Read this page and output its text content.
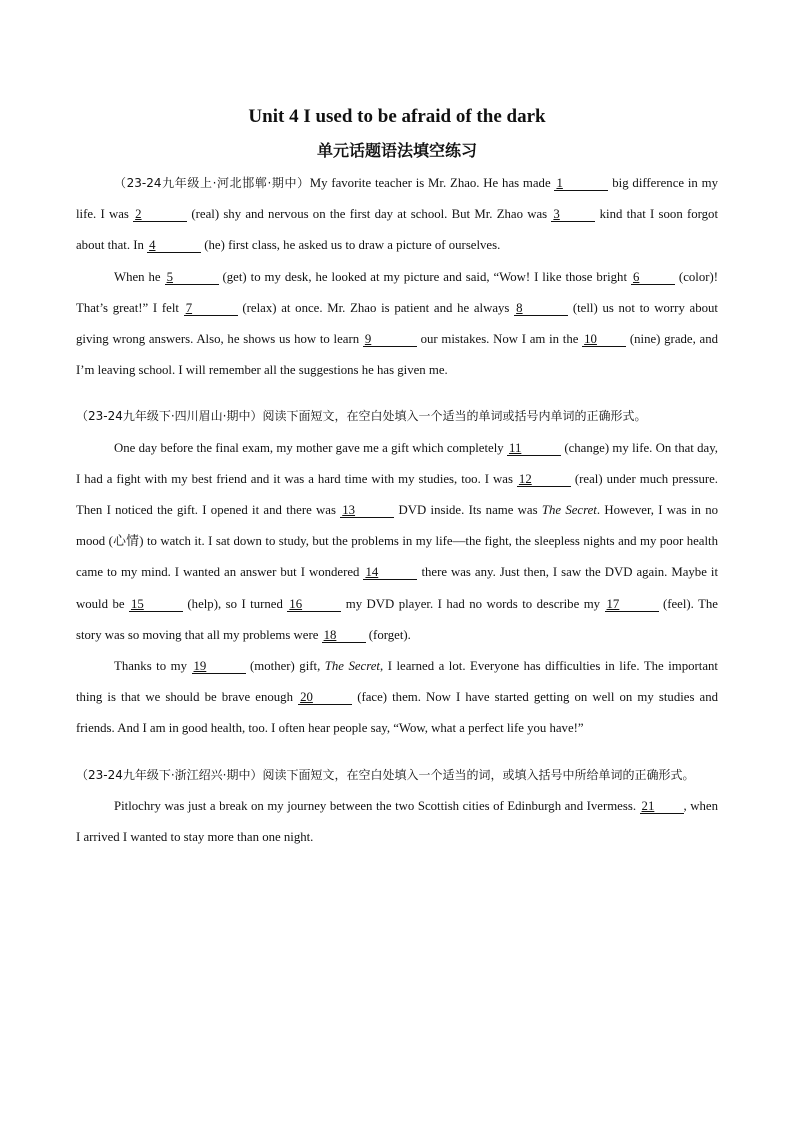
Unit 4 I used to be afraid of the dark
单元话题语法填空练习

（23-24九年级上·河北邯郸·期中）My favorite teacher is Mr. Zhao. He has made 1	big difference in my life. I was 2	(real) shy and nervous on the first day at school. But Mr. Zhao was 3	kind that I soon forgot about that. In 4	(he) first class, he asked us to draw a picture of ourselves.

When he 5	(get) to my desk, he looked at my picture and said, “Wow! I like those bright 6	(color)! That’s great!” I felt 7	(relax) at once. Mr. Zhao is patient and he always 8	(tell) us not to worry about giving wrong answers. Also, he shows us how to learn 9	our mistakes. Now I am in the 10 (nine) grade, and I’m leaving school. I will remember all the suggestions he has given me.

（23-24九年级下·四川眉山·期中）阅读下面短文，在空白处填入一个适当的单词或括号内单词的正确形式。

One day before the final exam, my mother gave me a gift which completely 11	(change) my life. On that day, I had a fight with my best friend and it was a hard time with my studies, too. I was 12	(real) under much pressure. Then I noticed the gift. I opened it and there was 13	DVD inside. Its name was The Secret. However, I was in no mood (心情) to watch it. I sat down to study, but the problems in my life—the fight, the sleepless nights and my poor health came to my mind. I wanted an answer but I wondered 14	there was any. Just then, I saw the DVD again. Maybe it would be 15	(help), so I turned 16	my DVD player. I had no words to describe my 17	(feel). The story was so moving that all my problems were 18 (forget).

Thanks to my 19	(mother) gift, The Secret, I learned a lot. Everyone has difficulties in life. The important thing is that we should be brave enough 20	(face) them. Now I have started getting on well on my studies and friends. And I am in good health, too. I often hear people say, “Wow, what a perfect life you have!”

（23-24九年级下·浙江绍兴·期中）阅读下面短文，在空白处填入一个适当的词，或填入括号中所给单词的正确形式。

Pitlochry was just a break on my journey between the two Scottish cities of Edinburgh and Ivermess. 21 , when I arrived I wanted to stay more than one night.
